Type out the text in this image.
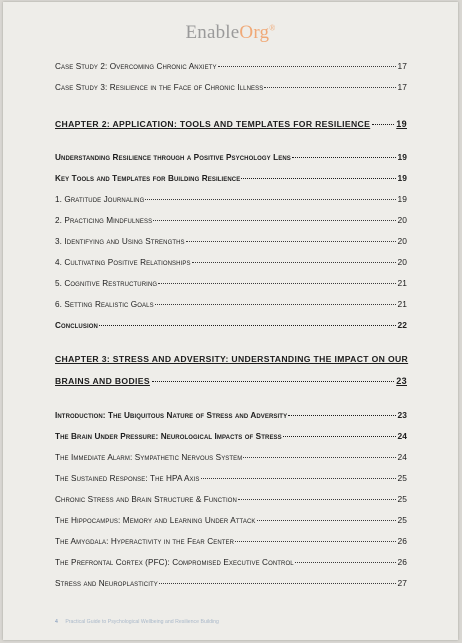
EnableOrg®
Case Study 2: Overcoming Chronic Anxiety	17
Case Study 3: Resilience in the Face of Chronic Illness	17
CHAPTER 2: APPLICATION: TOOLS AND TEMPLATES FOR RESILIENCE	19
Understanding Resilience through a Positive Psychology Lens	19
Key Tools and Templates for Building Resilience	19
1. Gratitude Journaling	19
2. Practicing Mindfulness	20
3. Identifying and Using Strengths	20
4. Cultivating Positive Relationships	20
5. Cognitive Restructuring	21
6. Setting Realistic Goals	21
Conclusion	22
CHAPTER 3: STRESS AND ADVERSITY: UNDERSTANDING THE IMPACT ON OUR
BRAINS AND BODIES	23
Introduction: The Ubiquitous Nature of Stress and Adversity	23
The Brain Under Pressure: Neurological Impacts of Stress	24
The Immediate Alarm: Sympathetic Nervous System	24
The Sustained Response: The HPA Axis	25
Chronic Stress and Brain Structure & Function	25
The Hippocampus: Memory and Learning Under Attack	25
The Amygdala: Hyperactivity in the Fear Center	26
The Prefrontal Cortex (PFC): Compromised Executive Control	26
Stress and Neuroplasticity	27
4 Practical Guide to Psychological Wellbeing and Resilience Building
